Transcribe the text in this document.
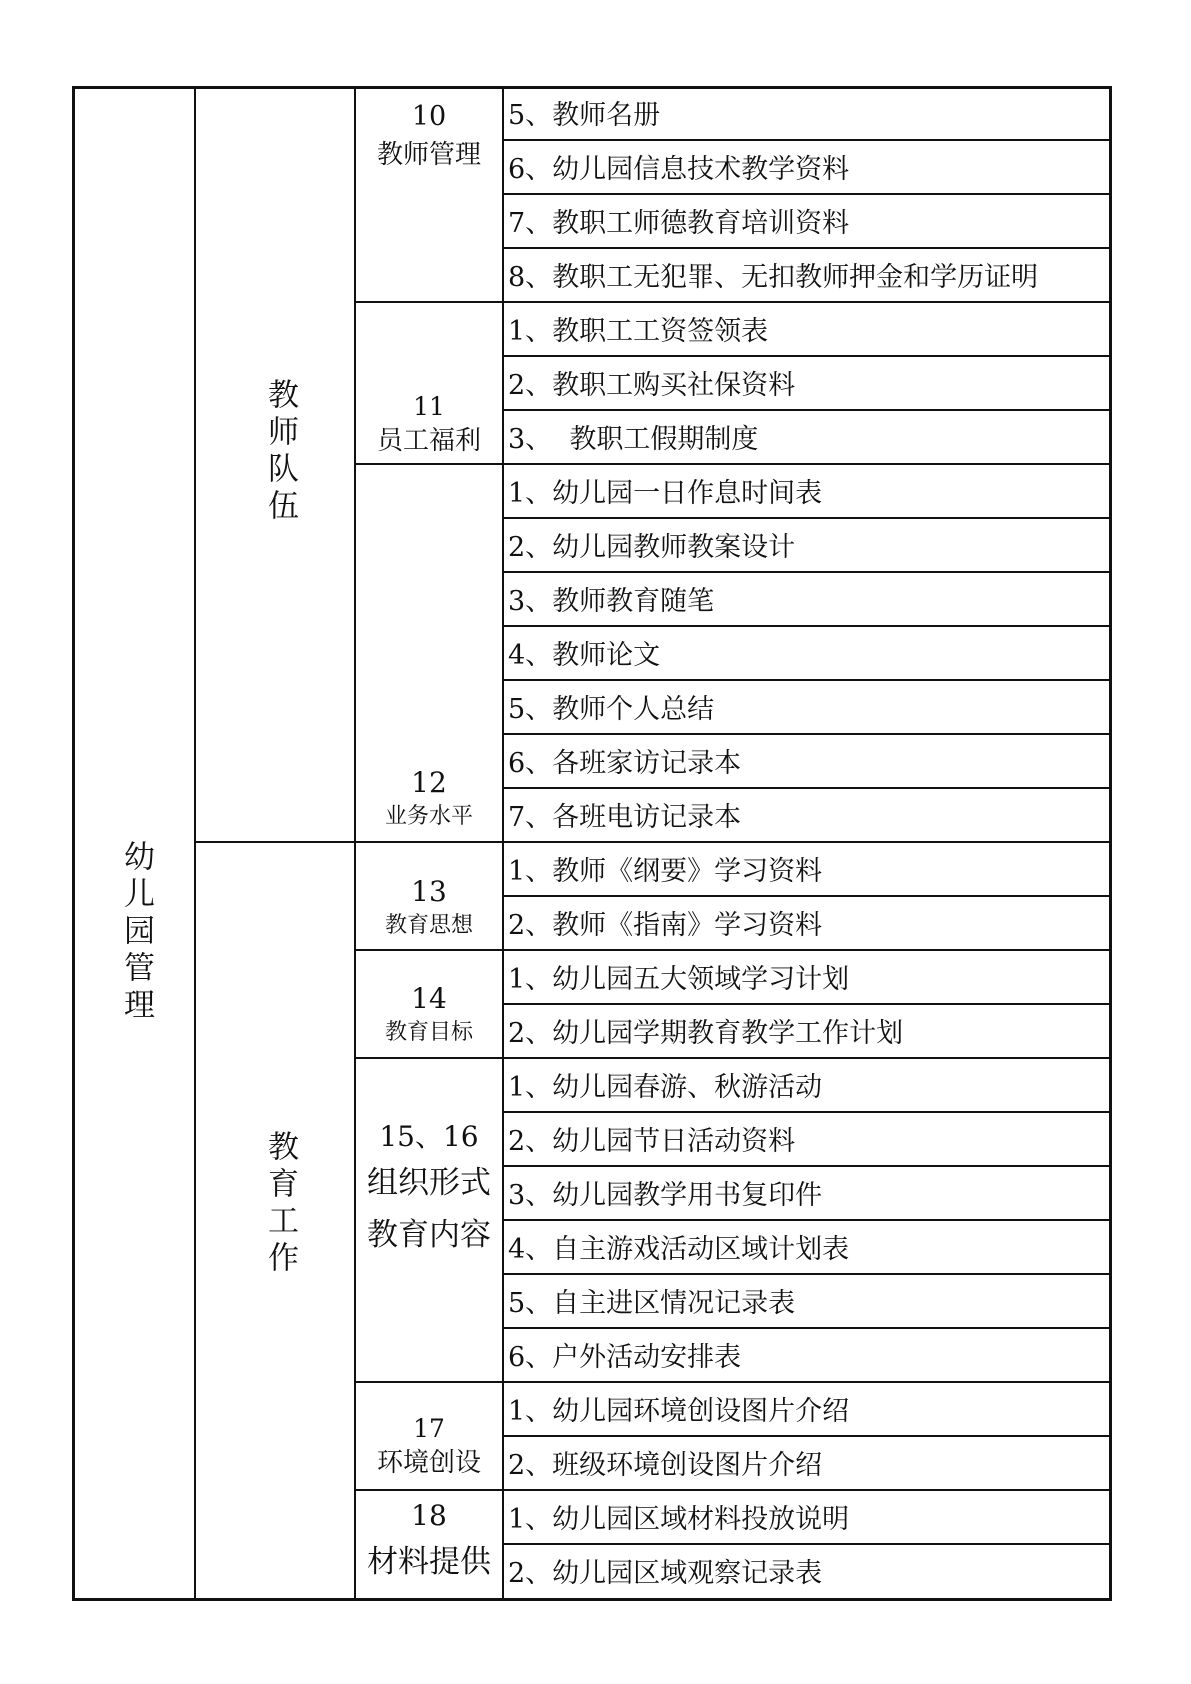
幼儿园管理
教师队伍
教育工作
10
教师管理
11
员工福利
12
业务水平
13
教育思想
14
教育目标
15、16
组织形式
教育内容
17
环境创设
18
材料提供
5、教师名册
6、幼儿园信息技术教学资料
7、教职工师德教育培训资料
8、教职工无犯罪、无扣教师押金和学历证明
1、教职工工资签领表
2、教职工购买社保资料
3、  教职工假期制度
1、幼儿园一日作息时间表
2、幼儿园教师教案设计
3、教师教育随笔
4、教师论文
5、教师个人总结
6、各班家访记录本
7、各班电访记录本
1、教师《纲要》学习资料
2、教师《指南》学习资料
1、幼儿园五大领域学习计划
2、幼儿园学期教育教学工作计划
1、幼儿园春游、秋游活动
2、幼儿园节日活动资料
3、幼儿园教学用书复印件
4、自主游戏活动区域计划表
5、自主进区情况记录表
6、户外活动安排表
1、幼儿园环境创设图片介绍
2、班级环境创设图片介绍
1、幼儿园区域材料投放说明
2、幼儿园区域观察记录表
